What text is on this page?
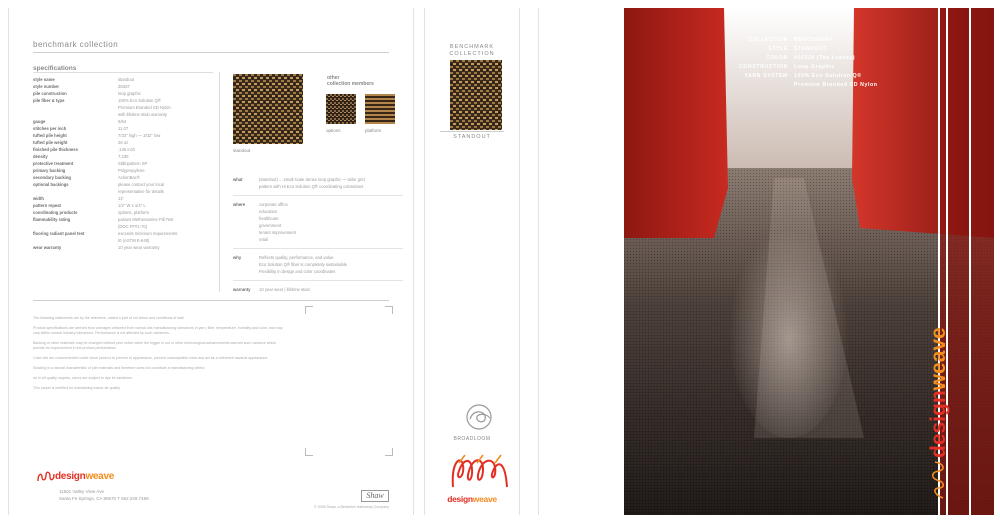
benchmark collection
specifications
style name	standout
style number	Z6357
pile construction	loop graphic
pile fiber & type	100% Eco Solution Q®
Premium Branded SD Nylon
with lifetime stain warranty
gauge	5/64
stitches per inch	11.07
tufted pile height	7/32" high — 3/32" low
tufted pile weight	26 oz
finished pile thickness	.136 inch
density	7,230
protective treatment	Ståinpattern SP
primary backing	Polypropylene
secondary backing	ActionBac®
optional backings	please contact your local
representative for details
width	12'
pattern repeat	1/2" W x 1/4" L
coordinating products	options, platform
flammability rating	passes Methenamine Pill Test
(DOC FF#1-70)
flooring radiant panel test	exceeds minimum requirements
I0 (ASTM E-648)
wear warranty	10 year wear warranty
standout
other
collection members
options	platform
what	(standout) ... small scale dense loop graphic — tailor grid
pattern with Hi Eco Solution Q® coordinating colorations
where	corporate office
education
healthcare
government
tenant improvement
retail
why	Reflects quality, performance, and value
Eco Solution Q® fiber is completely sustainable
Flexibility in design and color coordinates
warranty	10 year wear | lifetime stain

The following statements are by the reference, stated a part of our terms and conditions of sale.

Product specifications are derived from averages obtained from normal lots manufacturing tolerances in yarn, fiber, temperature, humidity and color, and may vary within normal industry tolerances. Performance is not affected by such variances.

Backing or other materials may be changed without prior notice when the bigger in our or other technological advancements warrant such variance which provide for improvement in the product performance.

Color lots are recommended under close product to prevent to appearance, prevent unacceptable wear and act as a reference towards appearance.

Shading is a natural characteristic of pile materials and therefore does not constitute a manufacturing defect.

As in all quality carpets, colors are subject to dye lot variations.

This carpet is certified for maintaining indoor air quality.

design weave
11501 Valley View Ave
Santa Fe Springs, CA 90670 T 562.229.7459	Shaw
© 2006 Shaw, a Berkshire Hathaway Company
BENCHMARK
COLLECTION
STANDOUT
BROADLOOM
designweave
COLLECTION	BENCHMARK
STYLE	STANDOUT
COLOR	#00328 (Tea Leaves)
CONSTRUCTION	Loop Graphic
YARN SYSTEM	100% Eco Solution Q®
Premium Branded SD Nylon
designweave
